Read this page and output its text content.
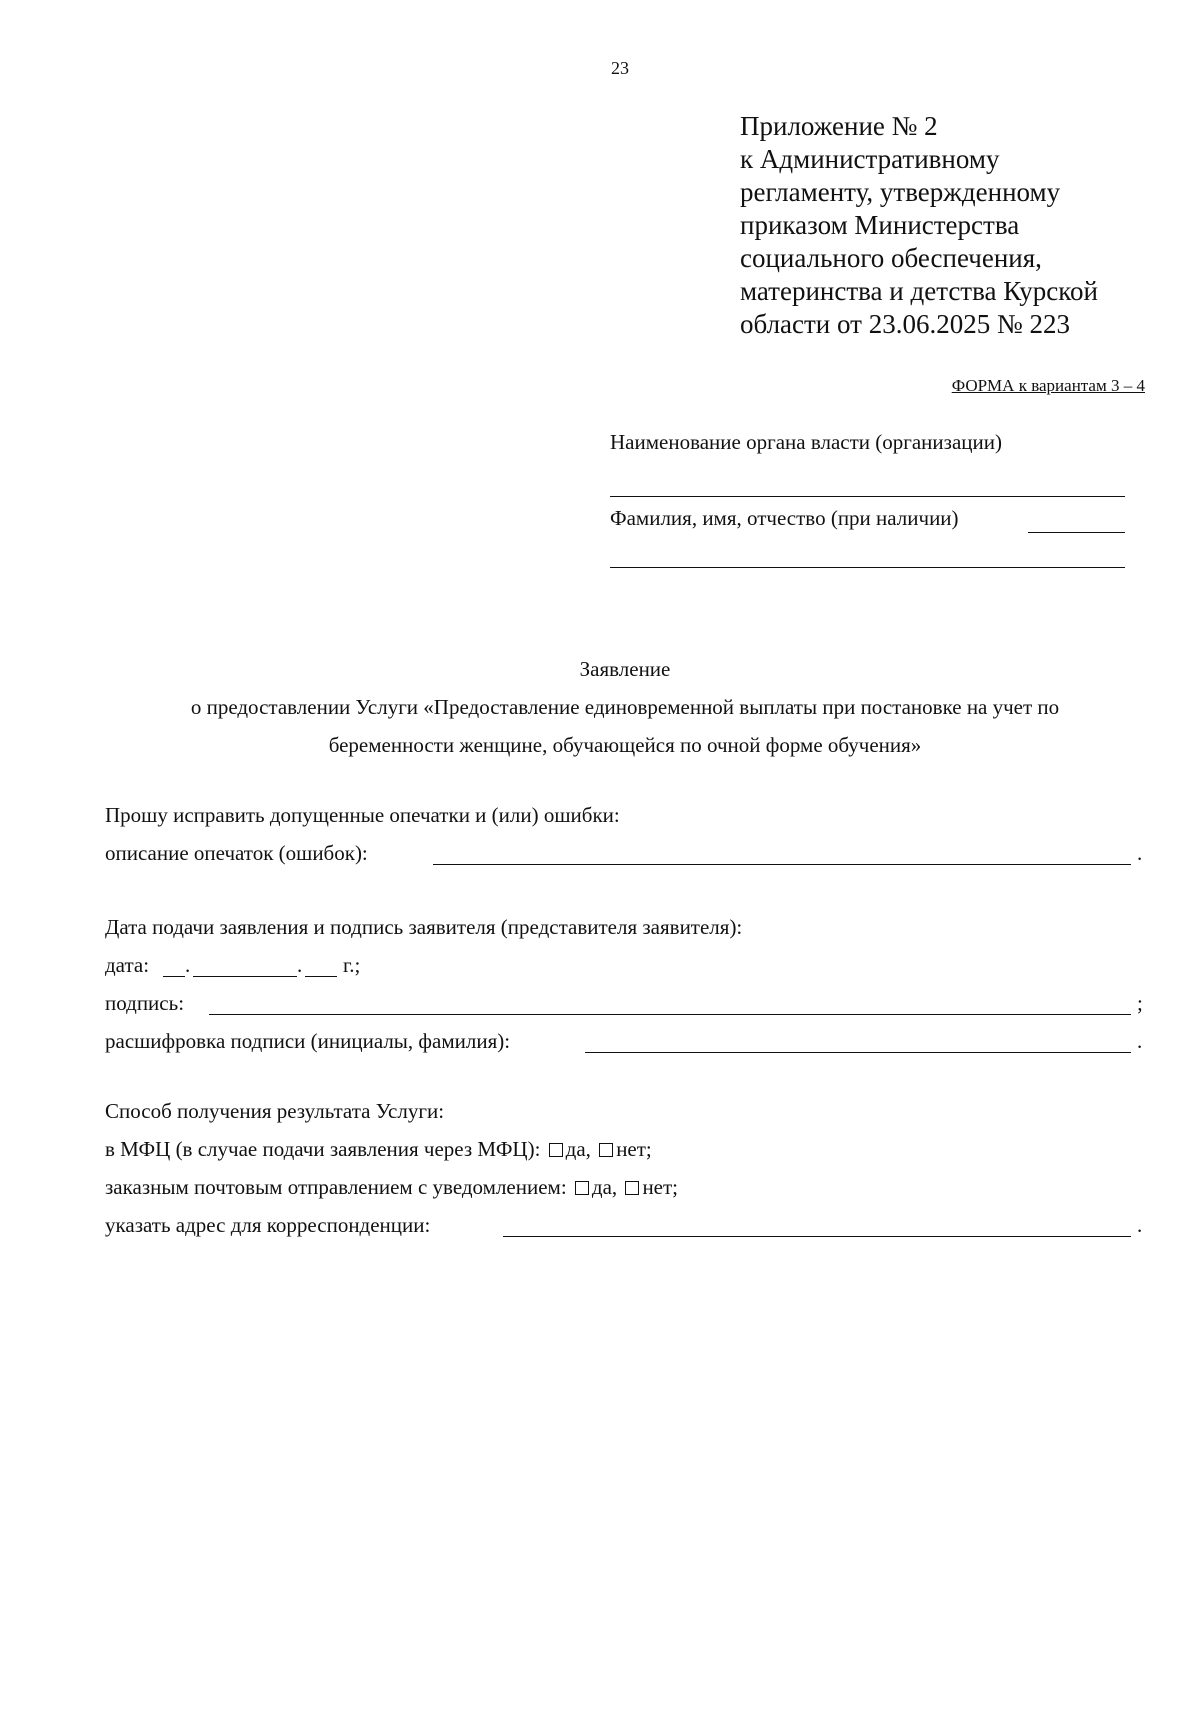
23
Приложение № 2
к Административному
регламенту, утвержденному
приказом Министерства
социального обеспечения,
материнства и детства Курской
области от 23.06.2025 № 223
ФОРМА к вариантам 3 – 4
Наименование органа власти (организации)
Фамилия, имя, отчество (при наличии)
Заявление
о предоставлении Услуги «Предоставление единовременной выплаты при постановке на учет по
беременности женщине, обучающейся по очной форме обучения»
Прошу исправить допущенные опечатки и (или) ошибки:
описание опечаток (ошибок):	.
Дата подачи заявления и подпись заявителя (представителя заявителя):
дата: .	. г.;
подпись:	;
расшифровка подписи (инициалы, фамилия):	.
Способ получения результата Услуги:
в МФЦ (в случае подачи заявления через МФЦ): да, нет;
заказным почтовым отправлением с уведомлением: да, нет;
указать адрес для корреспонденции:	.
